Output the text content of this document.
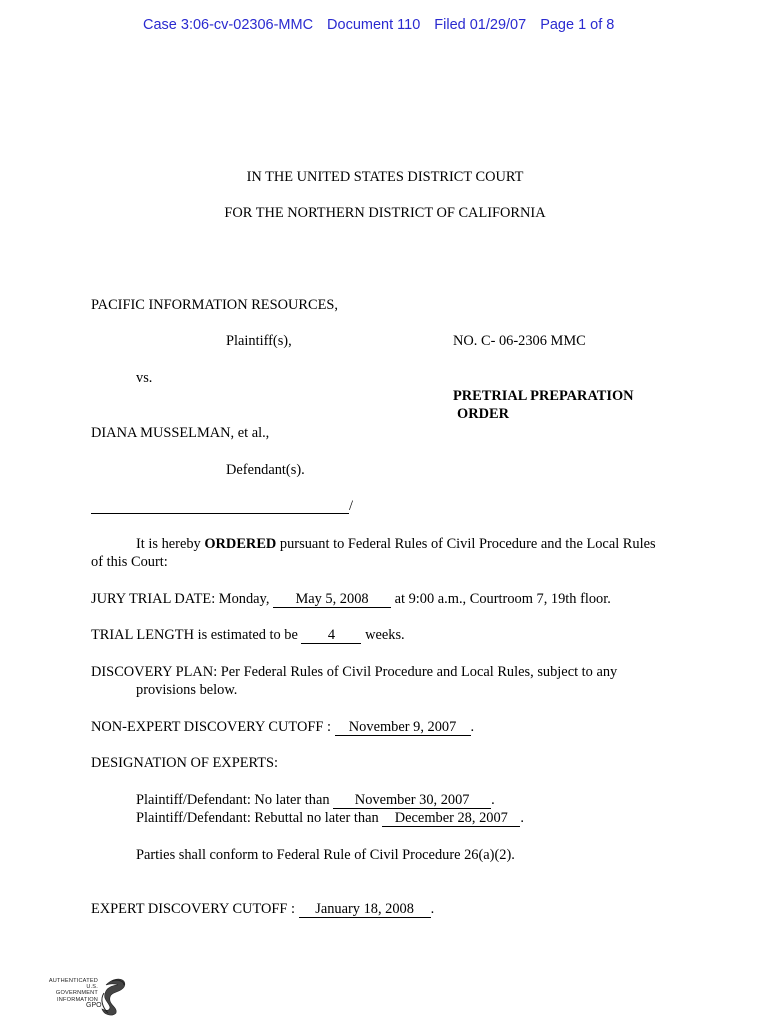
Case 3:06-cv-02306-MMC Document 110 Filed 01/29/07 Page 1 of 8
IN THE UNITED STATES DISTRICT COURT
FOR THE NORTHERN DISTRICT OF CALIFORNIA
PACIFIC INFORMATION RESOURCES,
Plaintiff(s),	NO. C- 06-2306 MMC
vs.
PRETRIAL PREPARATION
ORDER
DIANA MUSSELMAN, et al.,
Defendant(s).
/
It is hereby ORDERED pursuant to Federal Rules of Civil Procedure and the Local Rules
of this Court:
JURY TRIAL DATE: Monday, May 5, 2008 at 9:00 a.m., Courtroom 7, 19th floor.
TRIAL LENGTH is estimated to be 4 weeks.
DISCOVERY PLAN: Per Federal Rules of Civil Procedure and Local Rules, subject to any
provisions below.
NON-EXPERT DISCOVERY CUTOFF : November 9, 2007 .
DESIGNATION OF EXPERTS:
Plaintiff/Defendant: No later than November 30, 2007 .
Plaintiff/Defendant: Rebuttal no later than December 28, 2007 .
Parties shall conform to Federal Rule of Civil Procedure 26(a)(2).
EXPERT DISCOVERY CUTOFF : January 18, 2008 .
AUTHENTICATED U.S. GOVERNMENT INFORMATION
GPO
